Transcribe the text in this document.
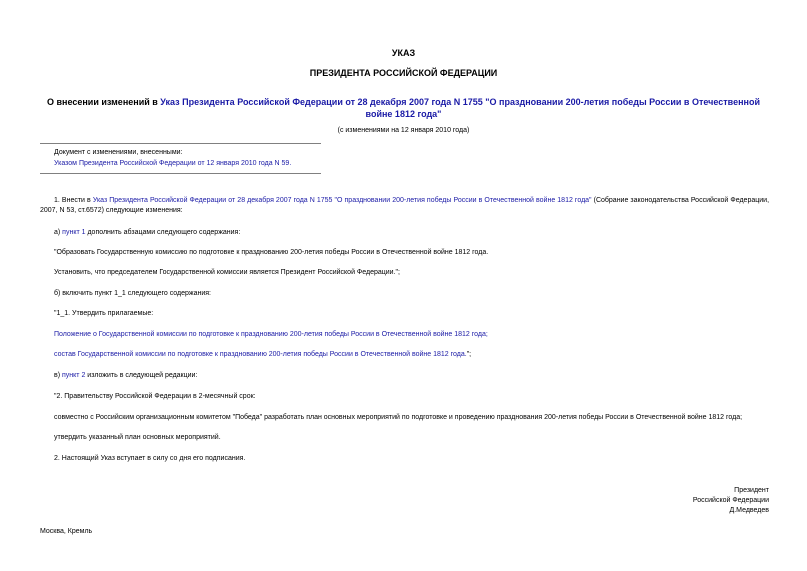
УКАЗ
ПРЕЗИДЕНТА РОССИЙСКОЙ ФЕДЕРАЦИИ
О внесении изменений в Указ Президента Российской Федерации от 28 декабря 2007 года N 1755 "О праздновании 200-летия победы России в Отечественной войне 1812 года"
(с изменениями на 12 января 2010 года)
Документ с изменениями, внесенными:
Указом Президента Российской Федерации от 12 января 2010 года N 59.
1. Внести в Указ Президента Российской Федерации от 28 декабря 2007 года N 1755 "О праздновании 200-летия победы России в Отечественной войне 1812 года" (Собрание законодательства Российской Федерации, 2007, N 53, ст.6572) следующие изменения:
а) пункт 1 дополнить абзацами следующего содержания:
"Образовать Государственную комиссию по подготовке к празднованию 200-летия победы России в Отечественной войне 1812 года.
Установить, что председателем Государственной комиссии является Президент Российской Федерации.";
б) включить пункт 1_1 следующего содержания:
"1_1. Утвердить прилагаемые:
Положение о Государственной комиссии по подготовке к празднованию 200-летия победы России в Отечественной войне 1812 года;
состав Государственной комиссии по подготовке к празднованию 200-летия победы России в Отечественной войне 1812 года.";
в) пункт 2 изложить в следующей редакции:
"2. Правительству Российской Федерации в 2-месячный срок:
совместно с Российским организационным комитетом "Победа" разработать план основных мероприятий по подготовке и проведению празднования 200-летия победы России в Отечественной войне 1812 года;
утвердить указанный план основных мероприятий.
2. Настоящий Указ вступает в силу со дня его подписания.
Президент
Российской Федерации
Д.Медведев
Москва, Кремль
